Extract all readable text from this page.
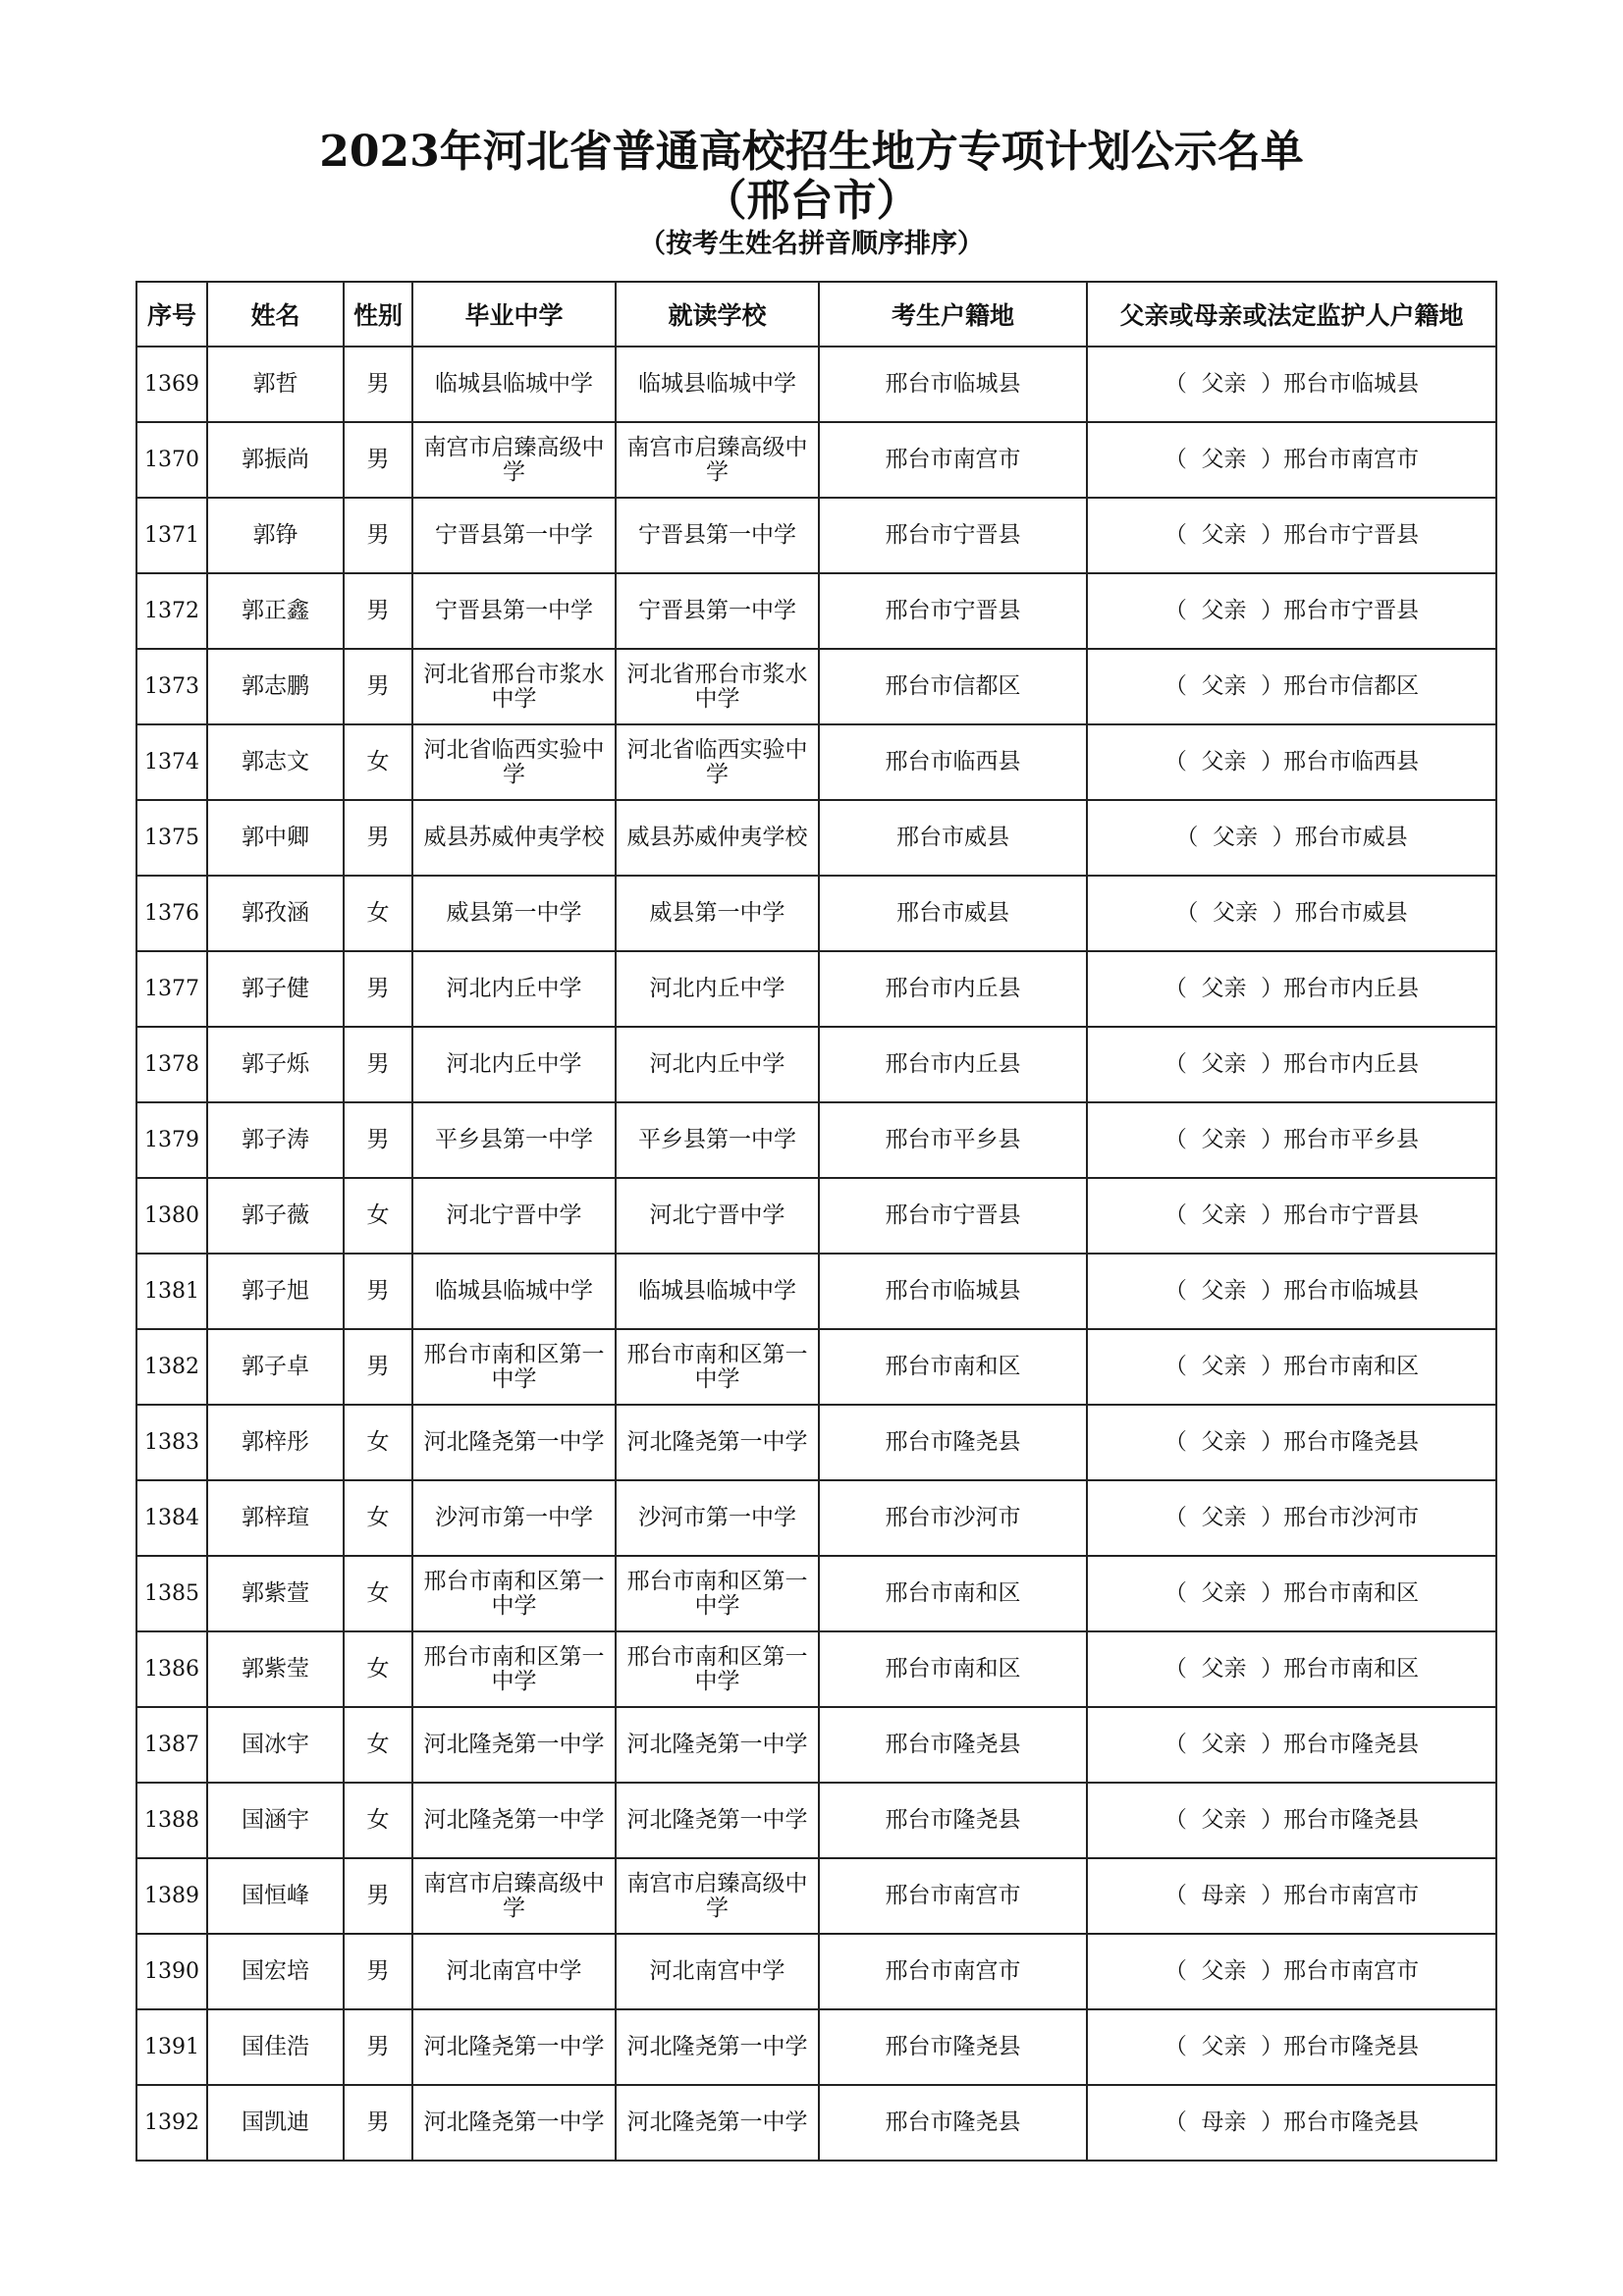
2023年河北省普通高校招生地方专项计划公示名单
（邢台市）
（按考生姓名拼音顺序排序）
序号	姓名	性别	毕业中学	就读学校	考生户籍地	父亲或母亲或法定监护人户籍地
1369	郭哲	男	临城县临城中学	临城县临城中学	邢台市临城县	（  父亲  ）邢台市临城县
1370	郭振尚	男	南宫市启臻高级中学	南宫市启臻高级中学	邢台市南宫市	（  父亲  ）邢台市南宫市
1371	郭铮	男	宁晋县第一中学	宁晋县第一中学	邢台市宁晋县	（  父亲  ）邢台市宁晋县
1372	郭正鑫	男	宁晋县第一中学	宁晋县第一中学	邢台市宁晋县	（  父亲  ）邢台市宁晋县
1373	郭志鹏	男	河北省邢台市浆水中学	河北省邢台市浆水中学	邢台市信都区	（  父亲  ）邢台市信都区
1374	郭志文	女	河北省临西实验中学	河北省临西实验中学	邢台市临西县	（  父亲  ）邢台市临西县
1375	郭中卿	男	威县苏威仲夷学校	威县苏威仲夷学校	邢台市威县	（  父亲  ）邢台市威县
1376	郭孜涵	女	威县第一中学	威县第一中学	邢台市威县	（  父亲  ）邢台市威县
1377	郭子健	男	河北内丘中学	河北内丘中学	邢台市内丘县	（  父亲  ）邢台市内丘县
1378	郭子烁	男	河北内丘中学	河北内丘中学	邢台市内丘县	（  父亲  ）邢台市内丘县
1379	郭子涛	男	平乡县第一中学	平乡县第一中学	邢台市平乡县	（  父亲  ）邢台市平乡县
1380	郭子薇	女	河北宁晋中学	河北宁晋中学	邢台市宁晋县	（  父亲  ）邢台市宁晋县
1381	郭子旭	男	临城县临城中学	临城县临城中学	邢台市临城县	（  父亲  ）邢台市临城县
1382	郭子卓	男	邢台市南和区第一中学	邢台市南和区第一中学	邢台市南和区	（  父亲  ）邢台市南和区
1383	郭梓彤	女	河北隆尧第一中学	河北隆尧第一中学	邢台市隆尧县	（  父亲  ）邢台市隆尧县
1384	郭梓瑄	女	沙河市第一中学	沙河市第一中学	邢台市沙河市	（  父亲  ）邢台市沙河市
1385	郭紫萱	女	邢台市南和区第一中学	邢台市南和区第一中学	邢台市南和区	（  父亲  ）邢台市南和区
1386	郭紫莹	女	邢台市南和区第一中学	邢台市南和区第一中学	邢台市南和区	（  父亲  ）邢台市南和区
1387	国冰宇	女	河北隆尧第一中学	河北隆尧第一中学	邢台市隆尧县	（  父亲  ）邢台市隆尧县
1388	国涵宇	女	河北隆尧第一中学	河北隆尧第一中学	邢台市隆尧县	（  父亲  ）邢台市隆尧县
1389	国恒峰	男	南宫市启臻高级中学	南宫市启臻高级中学	邢台市南宫市	（  母亲  ）邢台市南宫市
1390	国宏培	男	河北南宫中学	河北南宫中学	邢台市南宫市	（  父亲  ）邢台市南宫市
1391	国佳浩	男	河北隆尧第一中学	河北隆尧第一中学	邢台市隆尧县	（  父亲  ）邢台市隆尧县
1392	国凯迪	男	河北隆尧第一中学	河北隆尧第一中学	邢台市隆尧县	（  母亲  ）邢台市隆尧县
